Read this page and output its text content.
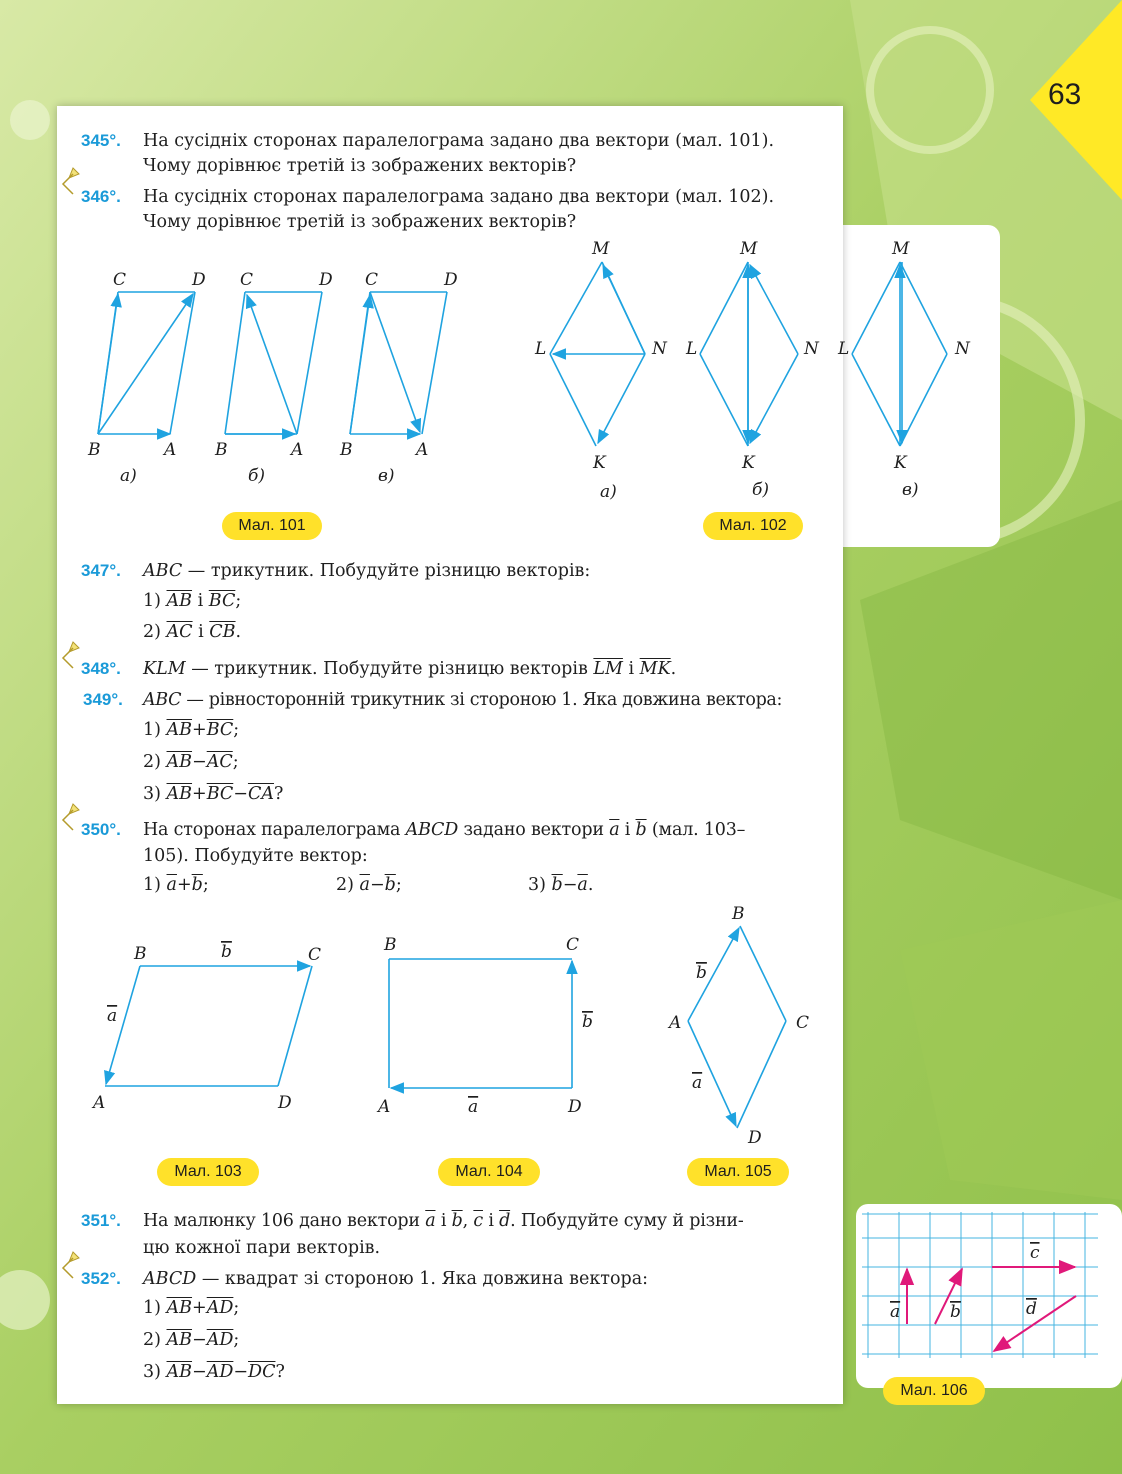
63
345°. На сусідніх сторонах паралелограма задано два вектори (мал. 101).
Чому дорівнює третій із зображених векторів?
346°. На сусідніх сторонах паралелограма задано два вектори (мал. 102).
Чому дорівнює третій із зображених векторів?
C	D
B	A
C	D
B	A
C	D
B	A
а)	б)	в)
Мал. 101
M
L	N
K
M
L	N
K
M
L	N
K
а)	б)	в)
Мал. 102
347°. ABC — трикутник. Побудуйте різницю векторів:
1) $\overline{AB}$ і $\overline{BC}$;
2) $\overline{AC}$ і $\overline{CB}$.
348°. KLM — трикутник. Побудуйте різницю векторів $\overline{LM}$ і $\overline{MK}$.
349°. ABC — рівносторонній трикутник зі стороною 1. Яка довжина вектора:
1) $\overline{AB}+\overline{BC}$;
2) $\overline{AB}-\overline{AC}$;
3) $\overline{AB}+\overline{BC}-\overline{CA}$?
350°. На сторонах паралелограма ABCD задано вектори $\overline{a}$ і $\overline{b}$ (мал. 103–
105). Побудуйте вектор:
1) $\overline{a}+\overline{b}$;	2) $\overline{a}-\overline{b}$;	3) $\overline{b}-\overline{a}$.
B	C
A	D
b
a
Мал. 103
B	C
A	D
b
a
Мал. 104
B
A	C
D
b
a
Мал. 105
351°. На малюнку 106 дано вектори $\overline{a}$ і $\overline{b}$, $\overline{c}$ і $\overline{d}$. Побудуйте суму й різни-
цю кожної пари векторів.
352°. ABCD — квадрат зі стороною 1. Яка довжина вектора:
1) $\overline{AB}+\overline{AD}$;
2) $\overline{AB}-\overline{AD}$;
3) $\overline{AB}-\overline{AD}-\overline{DC}$?
a	b
c
d
Мал. 106
